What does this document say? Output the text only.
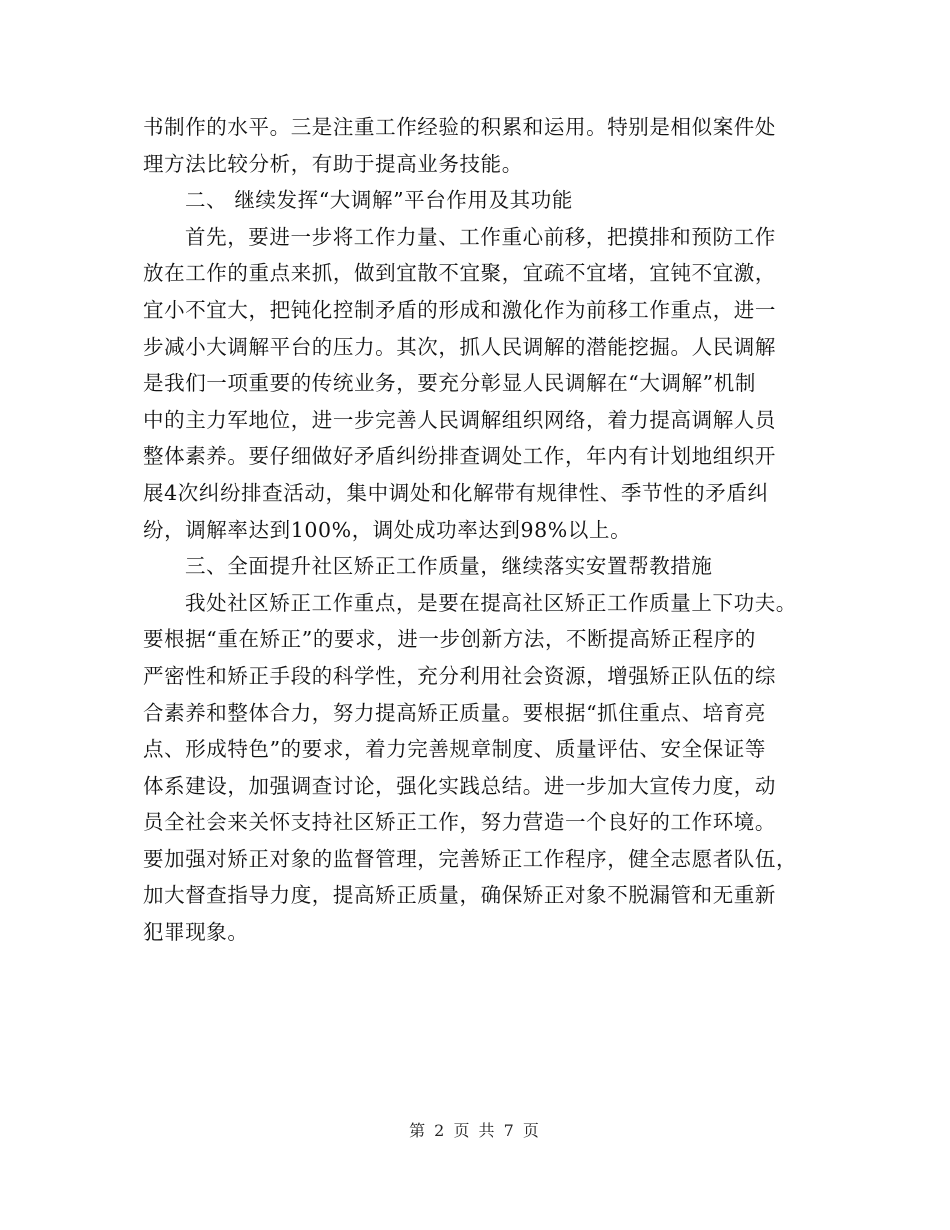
书制作的水平。三是注重工作经验的积累和运用。特别是相似案件处
理方法比较分析，有助于提高业务技能。
二、 继续发挥“大调解”平台作用及其功能
首先，要进一步将工作力量、工作重心前移，把摸排和预防工作
放在工作的重点来抓，做到宜散不宜聚，宜疏不宜堵，宜钝不宜激，
宜小不宜大，把钝化控制矛盾的形成和激化作为前移工作重点，进一
步减小大调解平台的压力。其次，抓人民调解的潜能挖掘。人民调解
是我们一项重要的传统业务，要充分彰显人民调解在“大调解”机制
中的主力军地位，进一步完善人民调解组织网络，着力提高调解人员
整体素养。要仔细做好矛盾纠纷排查调处工作，年内有计划地组织开
展4次纠纷排查活动，集中调处和化解带有规律性、季节性的矛盾纠
纷，调解率达到100%，调处成功率达到98%以上。
三、全面提升社区矫正工作质量，继续落实安置帮教措施
我处社区矫正工作重点，是要在提高社区矫正工作质量上下功夫。
要根据“重在矫正”的要求，进一步创新方法，不断提高矫正程序的
严密性和矫正手段的科学性，充分利用社会资源，增强矫正队伍的综
合素养和整体合力，努力提高矫正质量。要根据“抓住重点、培育亮
点、形成特色”的要求，着力完善规章制度、质量评估、安全保证等
体系建设，加强调查讨论，强化实践总结。进一步加大宣传力度，动
员全社会来关怀支持社区矫正工作，努力营造一个良好的工作环境。
要加强对矫正对象的监督管理，完善矫正工作程序，健全志愿者队伍，
加大督查指导力度，提高矫正质量，确保矫正对象不脱漏管和无重新
犯罪现象。
第 2 页 共 7 页
